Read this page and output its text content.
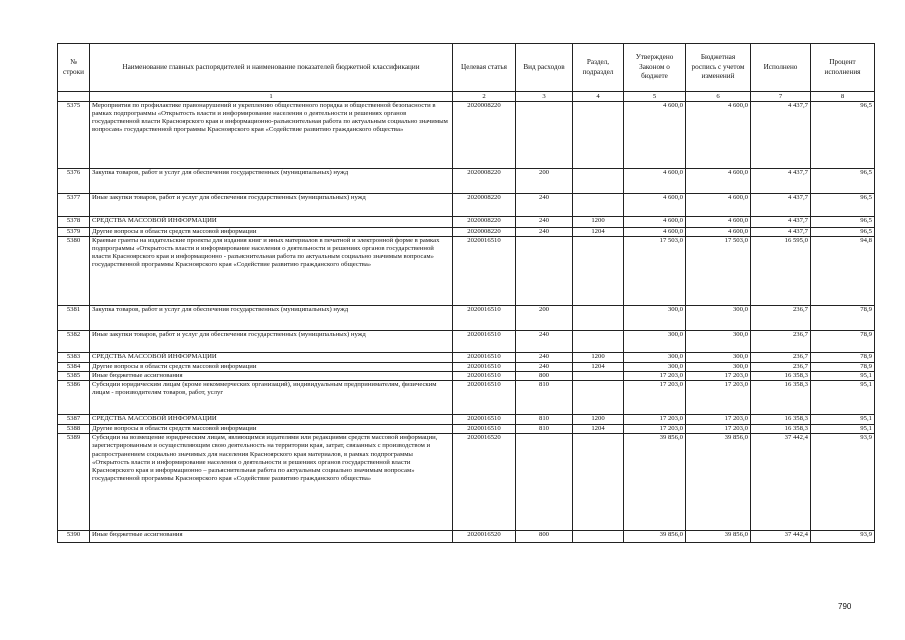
№ строки	Наименование главных распорядителей и наименование показателей бюджетной классификации	Целевая статья	Вид расходов	Раздел, подраздел	Утверждено Законом о бюджете	Бюджетная роспись с учетом изменений	Исполнено	Процент исполнения
	1	2	3	4	5	6	7	8
5375	Мероприятия по профилактике правонарушений и укреплению общественного порядка и общественной безопасности в рамках подпрограммы «Открытость власти и информирование населения о деятельности и решениях органов государственной власти Красноярского края и информационно-разъяснительная работа по актуальным социально значимым вопросам» государственной программы Красноярского края «Содействие развитию гражданского общества»	2020008220			4 600,0	4 600,0	4 437,7	96,5
5376	Закупка товаров, работ и услуг для обеспечения государственных (муниципальных) нужд	2020008220	200		4 600,0	4 600,0	4 437,7	96,5
5377	Иные закупки товаров, работ и услуг для обеспечения государственных (муниципальных) нужд	2020008220	240		4 600,0	4 600,0	4 437,7	96,5
5378	СРЕДСТВА МАССОВОЙ ИНФОРМАЦИИ	2020008220	240	1200	4 600,0	4 600,0	4 437,7	96,5
5379	Другие вопросы в области средств массовой информации	2020008220	240	1204	4 600,0	4 600,0	4 437,7	96,5
5380	Краевые гранты на издательские проекты для издания книг и иных материалов в печатной и электронной форме в рамках подпрограммы «Открытость власти и информирование населения о деятельности и решениях органов государственной власти Красноярского края и информационно - разъяснительная работа по актуальным социально значимым вопросам» государственной программы Красноярского края «Содействие развитию гражданского общества»	2020016510			17 503,0	17 503,0	16 595,0	94,8
5381	Закупка товаров, работ и услуг для обеспечения государственных (муниципальных) нужд	2020016510	200		300,0	300,0	236,7	78,9
5382	Иные закупки товаров, работ и услуг для обеспечения государственных (муниципальных) нужд	2020016510	240		300,0	300,0	236,7	78,9
5383	СРЕДСТВА МАССОВОЙ ИНФОРМАЦИИ	2020016510	240	1200	300,0	300,0	236,7	78,9
5384	Другие вопросы в области средств массовой информации	2020016510	240	1204	300,0	300,0	236,7	78,9
5385	Иные бюджетные ассигнования	2020016510	800		17 203,0	17 203,0	16 358,3	95,1
5386	Субсидии юридическим лицам (кроме некоммерческих организаций), индивидуальным предпринимателям, физическим лицам - производителям товаров, работ, услуг	2020016510	810		17 203,0	17 203,0	16 358,3	95,1
5387	СРЕДСТВА МАССОВОЙ ИНФОРМАЦИИ	2020016510	810	1200	17 203,0	17 203,0	16 358,3	95,1
5388	Другие вопросы в области средств массовой информации	2020016510	810	1204	17 203,0	17 203,0	16 358,3	95,1
5389	Субсидии на возмещение юридическим лицам, являющимся издателями или редакциями средств массовой информации, зарегистрированным и осуществляющим свою деятельность на территории края, затрат, связанных с производством и распространением социально значимых для населения Красноярского края материалов, в рамках подпрограммы «Открытость власти и информирование населения о деятельности и решениях органов государственной власти Красноярского края и информационно – разъяснительная работа по актуальным социально значимым вопросам» государственной программы Красноярского края «Содействие развитию гражданского общества»	2020016520			39 856,0	39 856,0	37 442,4	93,9
5390	Иные бюджетные ассигнования	2020016520	800		39 856,0	39 856,0	37 442,4	93,9
790
